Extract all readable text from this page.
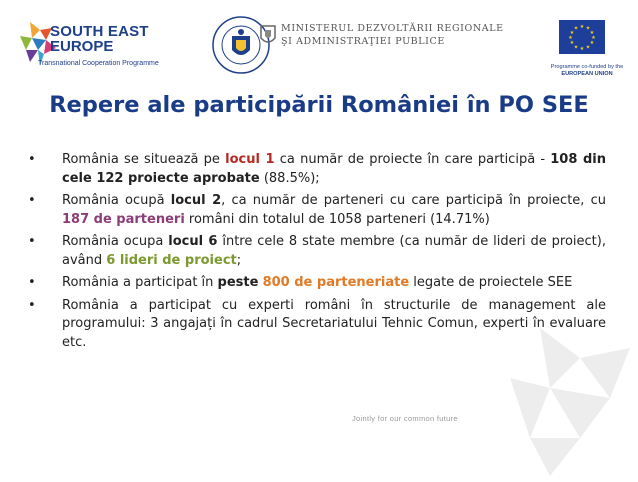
SOUTH EAST
EUROPE
Transnational Cooperation Programme
MINISTERUL DEZVOLTĂRII REGIONALE
ŞI ADMINISTRAŢIEI PUBLICE
★ ★
★
★
★
★
★
★
★
★
★
★
Programme co-funded by the
EUROPEAN UNION
Repere ale participării României în PO SEE
• România se situează pe locul 1 ca număr de proiecte în care participă - 108 din cele 122 proiecte aprobate (88.5%);
• România ocupă locul 2, ca număr de parteneri cu care participă în proiecte, cu 187 de parteneri români din totalul de 1058 parteneri (14.71%)
• România ocupa locul 6 între cele 8 state membre (ca număr de lideri de proiect), având 6 lideri de proiect;
• România a participat în peste 800 de parteneriate legate de proiectele SEE
• România a participat cu experti români în structurile de management ale programului: 3 angajați în cadrul Secretariatului Tehnic Comun, experti în evaluare etc.
Jointly for our common future
